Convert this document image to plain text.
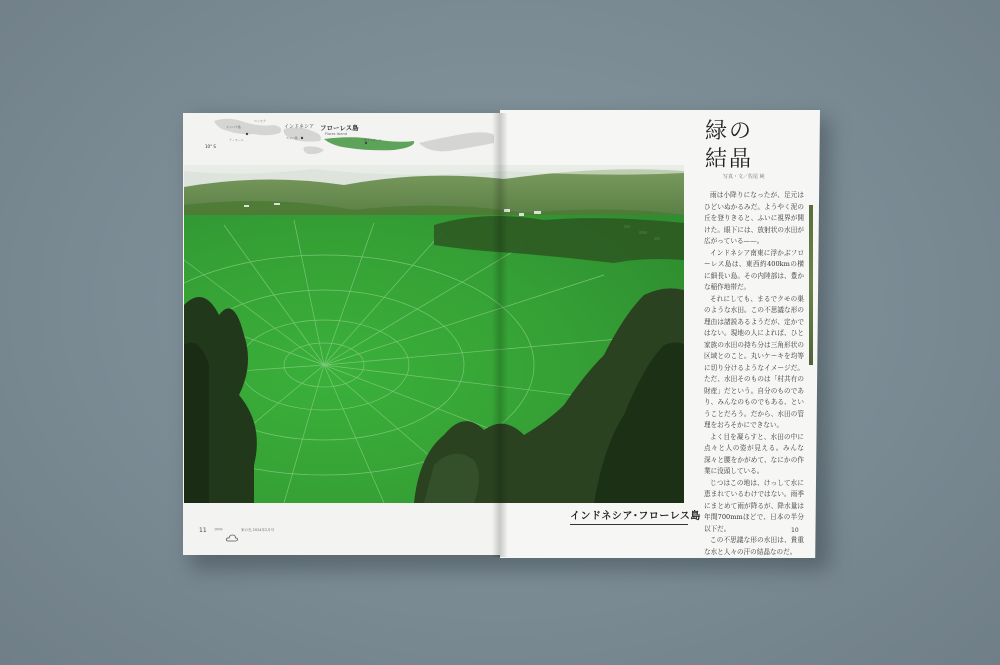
インドネシア フローレス島
Flores Island
10° S
スンバワ島
ロンボク
スンバ島	東ティモール
ティモール	緑の
結晶
写真・文／佐尾 純

雨は小降りになったが、足元はひどいぬかるみだ。ようやく泥の丘を登りきると、ふいに視界が開けた。眼下には、放射状の水田が広がっている——。

インドネシア南東に浮かぶフローレス島は、東西約400kmの横に細長い島。その内陸部は、豊かな稲作地帯だ。

それにしても、まるでクモの巣のような水田。この不思議な形の理由は諸説あるようだが、定かではない。現地の人によれば、ひと家族の水田の持ち分は三角形状の区域とのこと。丸いケーキを均等に切り分けるようなイメージだ。ただ、水田そのものは「村共有の財産」だという。自分のものであり、みんなのものでもある、ということだろう。だから、水田の管理をおろそかにできない。

よく目を凝らすと、水田の中に点々と人の姿が見える。みんな深々と腰をかがめて、なにかの作業に没頭している。

じつはこの地は、けっして水に恵まれているわけではない。雨季にまとめて雨が降るが、降水量は年間700mmほどで、日本の半分以下だ。

この不思議な形の水田は、貴重な水と人々の汗の結晶なのだ。

インドネシア･フローレス島
11 »»»	家の光 2024年2月号	10
